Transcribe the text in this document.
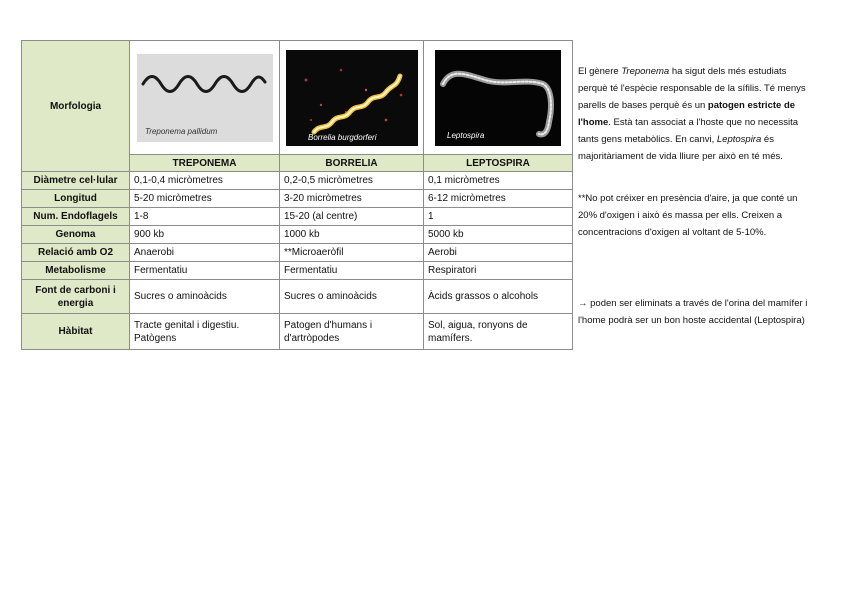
Morfologia	Treponema pallidum	Borrelia burgdorferi	Leptospira

	TREPONEMA	BORRELIA	LEPTOSPIRA
Diàmetre cel·lular	0,1-0,4 micròmetres	0,2-0,5 micròmetres	0,1 micròmetres
Longitud	5-20 micròmetres	3-20 micròmetres	6-12 micròmetres
Num. Endoflagels	1-8	15-20 (al centre)	1
Genoma	900 kb	1000 kb	5000 kb
Relació amb O2	Anaerobi	**Microaeròfil	Aerobi
Metabolisme	Fermentatiu	Fermentatiu	Respiratori
Font de carboni i energia	Sucres o aminoàcids	Sucres o aminoàcids	Àcids grassos o alcohols
Hàbitat	Tracte genital i digestiu. Patògens	Patogen d'humans i d'artròpodes	Sol, aigua, ronyons de mamífers.
El gènere Treponema ha sigut dels més estudiats perquè té l'espècie responsable de la sífilis. Té menys parells de bases perquè és un patogen estricte de l'home. Està tan associat a l'hoste que no necessita tants gens metabòlics. En canvi, Leptospira és majoritàriament de vida lliure per això en té més.
**No pot créixer en presència d'aire, ja que conté un 20% d'oxigen i això és massa per ells. Creixen a concentracions d'oxigen al voltant de 5-10%.
→ poden ser eliminats a través de l'orina del mamífer i l'home podrà ser un bon hoste accidental (Leptospira)
